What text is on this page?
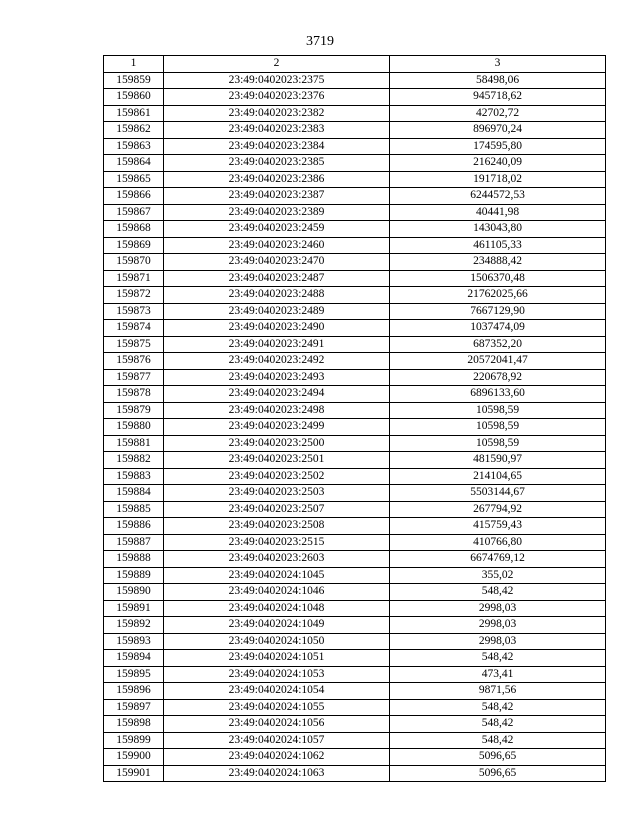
3719
1	2	3
159859	23:49:0402023:2375	58498,06
159860	23:49:0402023:2376	945718,62
159861	23:49:0402023:2382	42702,72
159862	23:49:0402023:2383	896970,24
159863	23:49:0402023:2384	174595,80
159864	23:49:0402023:2385	216240,09
159865	23:49:0402023:2386	191718,02
159866	23:49:0402023:2387	6244572,53
159867	23:49:0402023:2389	40441,98
159868	23:49:0402023:2459	143043,80
159869	23:49:0402023:2460	461105,33
159870	23:49:0402023:2470	234888,42
159871	23:49:0402023:2487	1506370,48
159872	23:49:0402023:2488	21762025,66
159873	23:49:0402023:2489	7667129,90
159874	23:49:0402023:2490	1037474,09
159875	23:49:0402023:2491	687352,20
159876	23:49:0402023:2492	20572041,47
159877	23:49:0402023:2493	220678,92
159878	23:49:0402023:2494	6896133,60
159879	23:49:0402023:2498	10598,59
159880	23:49:0402023:2499	10598,59
159881	23:49:0402023:2500	10598,59
159882	23:49:0402023:2501	481590,97
159883	23:49:0402023:2502	214104,65
159884	23:49:0402023:2503	5503144,67
159885	23:49:0402023:2507	267794,92
159886	23:49:0402023:2508	415759,43
159887	23:49:0402023:2515	410766,80
159888	23:49:0402023:2603	6674769,12
159889	23:49:0402024:1045	355,02
159890	23:49:0402024:1046	548,42
159891	23:49:0402024:1048	2998,03
159892	23:49:0402024:1049	2998,03
159893	23:49:0402024:1050	2998,03
159894	23:49:0402024:1051	548,42
159895	23:49:0402024:1053	473,41
159896	23:49:0402024:1054	9871,56
159897	23:49:0402024:1055	548,42
159898	23:49:0402024:1056	548,42
159899	23:49:0402024:1057	548,42
159900	23:49:0402024:1062	5096,65
159901	23:49:0402024:1063	5096,65
